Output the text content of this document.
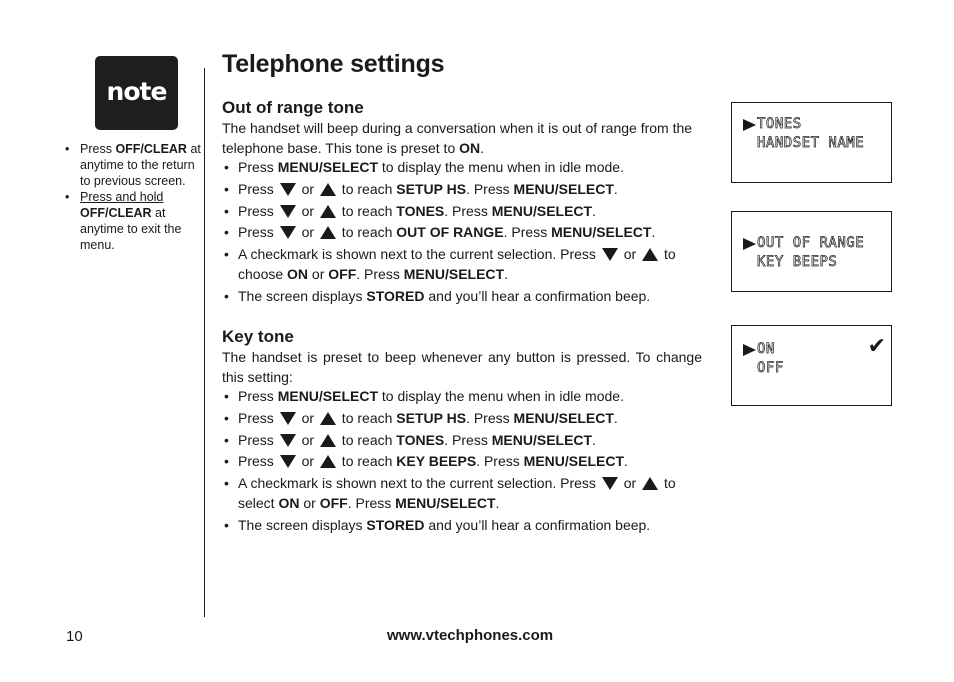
note
• Press OFF/CLEAR at anytime to the return to previous screen.
• Press and hold OFF/CLEAR at anytime to exit the menu.
Telephone settings
Out of range tone

The handset will beep during a conversation when it is out of range from the telephone base. This tone is preset to ON.

• Press MENU/SELECT to display the menu when in idle mode.
• Press  or  to reach SETUP HS. Press MENU/SELECT.
• Press  or  to reach TONES. Press MENU/SELECT.
• Press  or  to reach OUT OF RANGE. Press MENU/SELECT.
• A checkmark is shown next to the current selection. Press  or  to choose ON or OFF. Press MENU/SELECT.
• The screen displays STORED and you’ll hear a confirmation beep.
Key tone

The handset is preset to beep whenever any button is pressed. To change this setting:

• Press MENU/SELECT to display the menu when in idle mode.
• Press  or  to reach SETUP HS. Press MENU/SELECT.
• Press  or  to reach TONES. Press MENU/SELECT.
• Press  or  to reach KEY BEEPS. Press MENU/SELECT.
• A checkmark is shown next to the current selection. Press  or  to select ON or OFF. Press MENU/SELECT.
• The screen displays STORED and you’ll hear a confirmation beep.
TONES
HANDSET NAME
OUT OF RANGE
KEY BEEPS
ON
OFF
✔
10	www.vtechphones.com
